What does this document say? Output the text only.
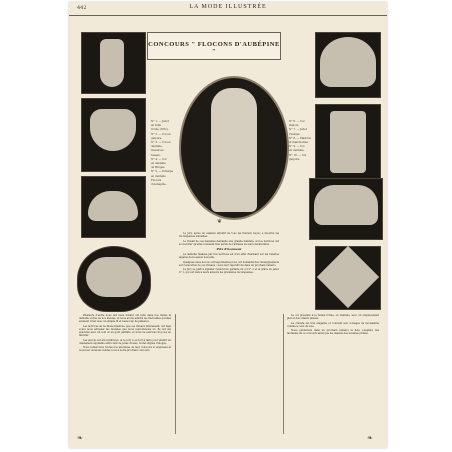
442	LA MODE ILLUSTRÉE
CONCOURS " FLOCONS D'AUBÉPINE "

N° 1. — Jabot

en tulle

brodé. (Prix).

N° 2. — Col en

guipure.

N° 3. — Col en

dentelle,

travail au

fuseau.

N° 4. — Col

en dentelle

de Bruges.

N° 5. — Écharpe

en dentelle

Flocons

d'Aubépine.

N° 6. — Col

Danois.

N° 7. — Jabot

Cravate.

N° 8. — Plastron

et manchettes.

N° 9. — Col

en dentelle.

N° 10. — Col

guipure.

❦

Plusieurs d'entre nous des mois durant ont tenu dans nos mains la dentelle si fine de nos aïeules, et nous avons admiré les merveilles qu'elles savaient créer avec un simple fil et beaucoup de patience.

Les lectrices de La Mode Illustrée, que ces travaux intéressent, ont bien voulu nous adresser les modèles que nous reproduisons ici. Ils ont été exécutés avec un soin et un goût parfaits, et nous ne saurions trop les en féliciter.

Les envois ont été nombreux, et le jury a eu fort à faire pour établir un classement équitable entre tant de jolies choses, toutes dignes d'éloges.

Nous remercions toutes nos abonnées de leur concours si empressé et nous leur donnons rendez-vous à notre prochain concours.

Le jury, après un examen attentif de tous les travaux reçus, a décerné les récompenses suivantes.

Le travail de ces dentelles demande une grande habileté, et nos lectrices ont su montrer qu'elles n'avaient rien perdu de l'adresse de leurs devancières.

Prix d'honneur

La dentelle réalisée par nos lectrices est d'un effet charmant sur les toilettes légères de la saison nouvelle.

Quelques-unes de nos correspondantes nous ont demandé des renseignements sur l'exécution de ces travaux ; nous leur répondrons dans un prochain numéro.

Le jury se plaît à signaler l'exécution parfaite du col n° 2 et la grâce du jabot n° 1, qui ont valu à leurs auteurs les premières récompenses.

Le col présenté à la même forme, en dentelle, avec un empiècement plat et des volants plissés.

La cravate est très élégante et convient aux corsages de mousseline comme à ceux de soie.

Nous publierons dans un prochain numéro la liste complète des lauréates de ce concours ainsi que les dessins des modèles primés.

❧	❧
